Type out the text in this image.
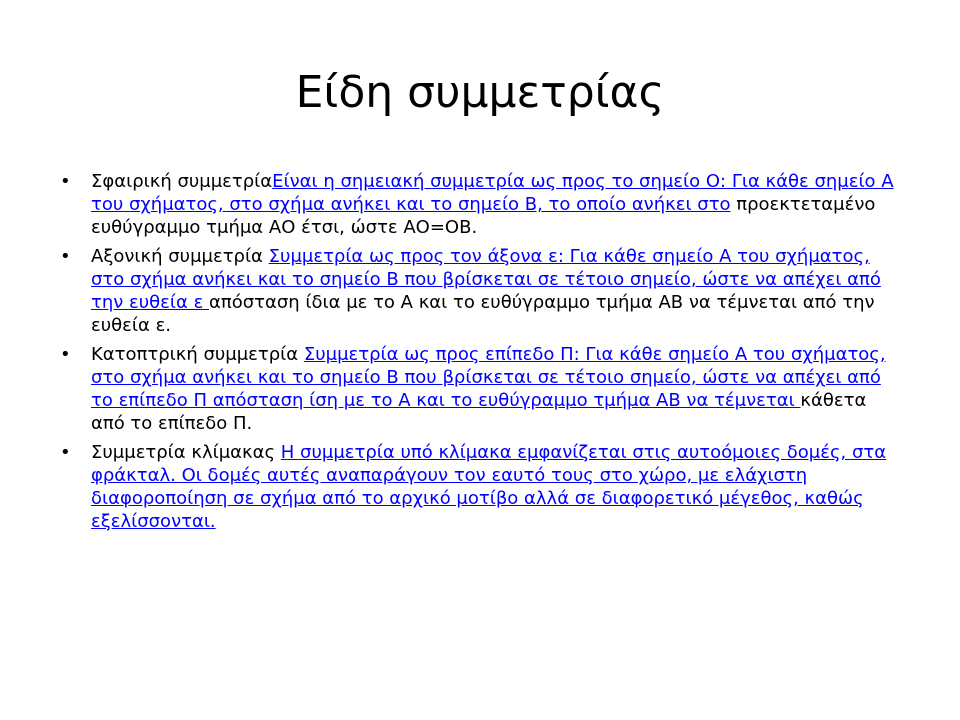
Είδη συμμετρίας
• Σφαιρική συμμετρίαΕίναι η σημειακή συμμετρία ως προς το σημείο Ο: Για κάθε σημείο Α του σχήματος, στο σχήμα ανήκει και το σημείο Β, το οποίο ανήκει στο προεκτεταμένο ευθύγραμμο τμήμα ΑΟ έτσι, ώστε ΑΟ=ΟΒ.
• Αξονική συμμετρία Συμμετρία ως προς τον άξονα ε: Για κάθε σημείο Α του σχήματος, στο σχήμα ανήκει και το σημείο Β που βρίσκεται σε τέτοιο σημείο, ώστε να απέχει από την ευθεία ε απόσταση ίδια με το Α και το ευθύγραμμο τμήμα ΑΒ να τέμνεται από την ευθεία ε.
• Κατοπτρική συμμετρία Συμμετρία ως προς επίπεδο Π: Για κάθε σημείο Α του σχήματος, στο σχήμα ανήκει και το σημείο Β που βρίσκεται σε τέτοιο σημείο, ώστε να απέχει από το επίπεδο Π απόσταση ίση με το Α και το ευθύγραμμο τμήμα ΑΒ να τέμνεται κάθετα από το επίπεδο Π.
• Συμμετρία κλίμακας Η συμμετρία υπό κλίμακα εμφανίζεται στις αυτοόμοιες δομές, στα φράκταλ. Οι δομές αυτές αναπαράγουν τον εαυτό τους στο χώρο, με ελάχιστη διαφοροποίηση σε σχήμα από το αρχικό μοτίβο αλλά σε διαφορετικό μέγεθος, καθώς εξελίσσονται.
